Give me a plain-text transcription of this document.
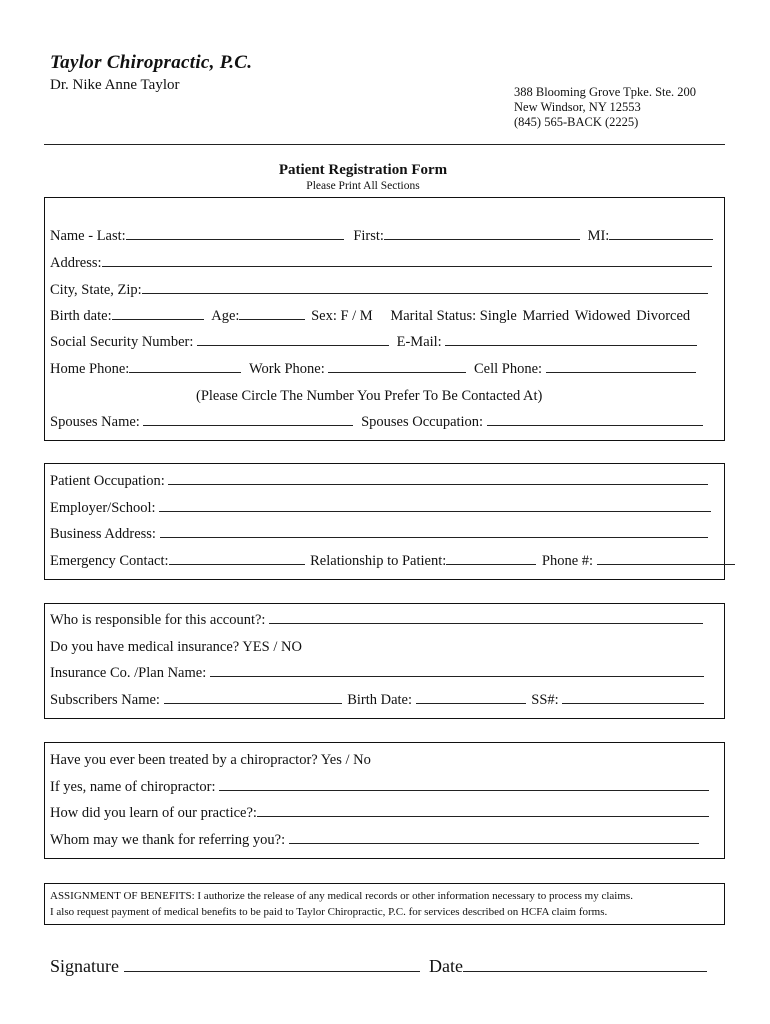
Taylor Chiropractic, P.C.
Dr. Nike Anne Taylor	388 Blooming Grove Tpke. Ste. 200
New Windsor, NY 12553
(845) 565-BACK (2225)
Patient Registration Form
Please Print All Sections
Name - Last:	First:	MI:
Address:
City, State, Zip:
Birth date:	Age:	Sex: F / M Marital Status: Single Married Widowed Divorced
Social Security Number:	E-Mail:
Home Phone:	Work Phone:	Cell Phone:
(Please Circle The Number You Prefer To Be Contacted At)
Spouses Name:	Spouses Occupation:
Patient Occupation:
Employer/School:
Business Address:
Emergency Contact:	Relationship to Patient:	Phone #:
Who is responsible for this account?:
Do you have medical insurance? YES / NO
Insurance Co. /Plan Name:
Subscribers Name:	Birth Date:	SS#:
Have you ever been treated by a chiropractor? Yes / No
If yes, name of chiropractor:
How did you learn of our practice?:
Whom may we thank for referring you?:
ASSIGNMENT OF BENEFITS: I authorize the release of any medical records or other information necessary to process my claims.
I also request payment of medical benefits to be paid to Taylor Chiropractic, P.C. for services described on HCFA claim forms.
Signature	Date
